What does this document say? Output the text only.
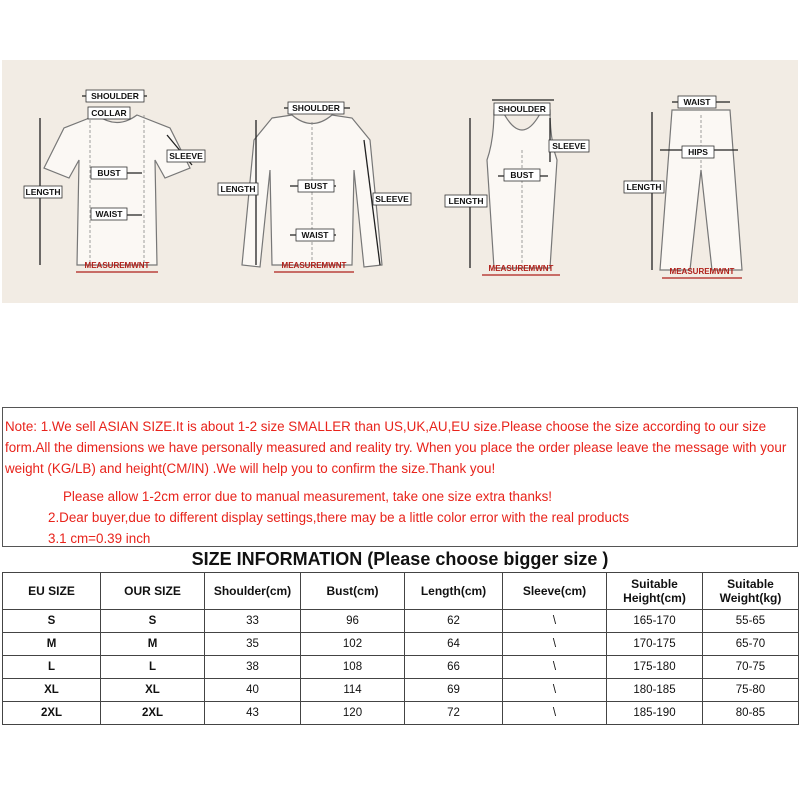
SHOULDER
COLLAR
SLEEVE
BUST
LENGTH
WAIST
SHOULDER
LENGTH	BUST
SLEEVE
WAIST
SHOULDER
SLEEVE
BUST
LENGTH
WAIST
HIPS
LENGTH
MEASUREMWNT	MEASUREMWNT	MEASUREMWNT	MEASUREMWNT
Note: 1.We sell ASIAN SIZE.It is about 1-2 size SMALLER than US,UK,AU,EU size.Please choose the size according to our size form.All the dimensions we have personally measured and reality try. When you place the order please leave the message with your weight (KG/LB) and height(CM/IN) .We will help you to confirm the size.Thank you!
Please allow 1-2cm error due to manual measurement, take one size extra thanks!
2.Dear buyer,due to different display settings,there may be a little color error with the real products
3.1 cm=0.39 inch
SIZE INFORMATION (Please choose bigger size )
EU SIZE	OUR SIZE	Shoulder(cm)	Bust(cm)	Length(cm)	Sleeve(cm)	Suitable Height(cm)	Suitable Weight(kg)
S	S	33	96	62	\	165-170	55-65
M	M	35	102	64	\	170-175	65-70
L	L	38	108	66	\	175-180	70-75
XL	XL	40	114	69	\	180-185	75-80
2XL	2XL	43	120	72	\	185-190	80-85
